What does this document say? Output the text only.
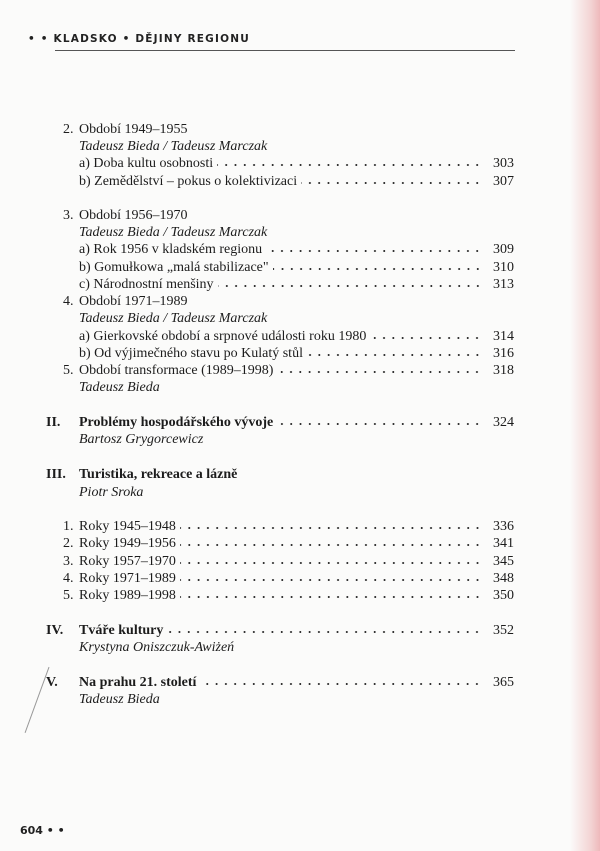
• • KLADSKO • DĚJINY REGIONU
2. Období 1949–1955
Tadeusz Bieda / Tadeusz Marczak
a) Doba kultu osobnosti	303
b) Zemědělství – pokus o kolektivizaci	307
3. Období 1956–1970
Tadeusz Bieda / Tadeusz Marczak
a) Rok 1956 v kladském regionu	309
b) Gomułkowa „malá stabilizace"	310
c) Národnostní menšiny	313
4. Období 1971–1989
Tadeusz Bieda / Tadeusz Marczak
a) Gierkovské období a srpnové události roku 1980	314
b) Od výjimečného stavu po Kulatý stůl	316
5. Období transformace (1989–1998)	318
Tadeusz Bieda
II.	Problémy hospodářského vývoje	324
Bartosz Grygorcewicz
III. Turistika, rekreace a lázně
Piotr Sroka
1. Roky 1945–1948	336
2. Roky 1949–1956	341
3. Roky 1957–1970	345
4. Roky 1971–1989	348
5. Roky 1989–1998	350
IV.	Tváře kultury	352
Krystyna Oniszczuk-Awiżeń
V.	Na prahu 21. století	365
Tadeusz Bieda
604 • •
